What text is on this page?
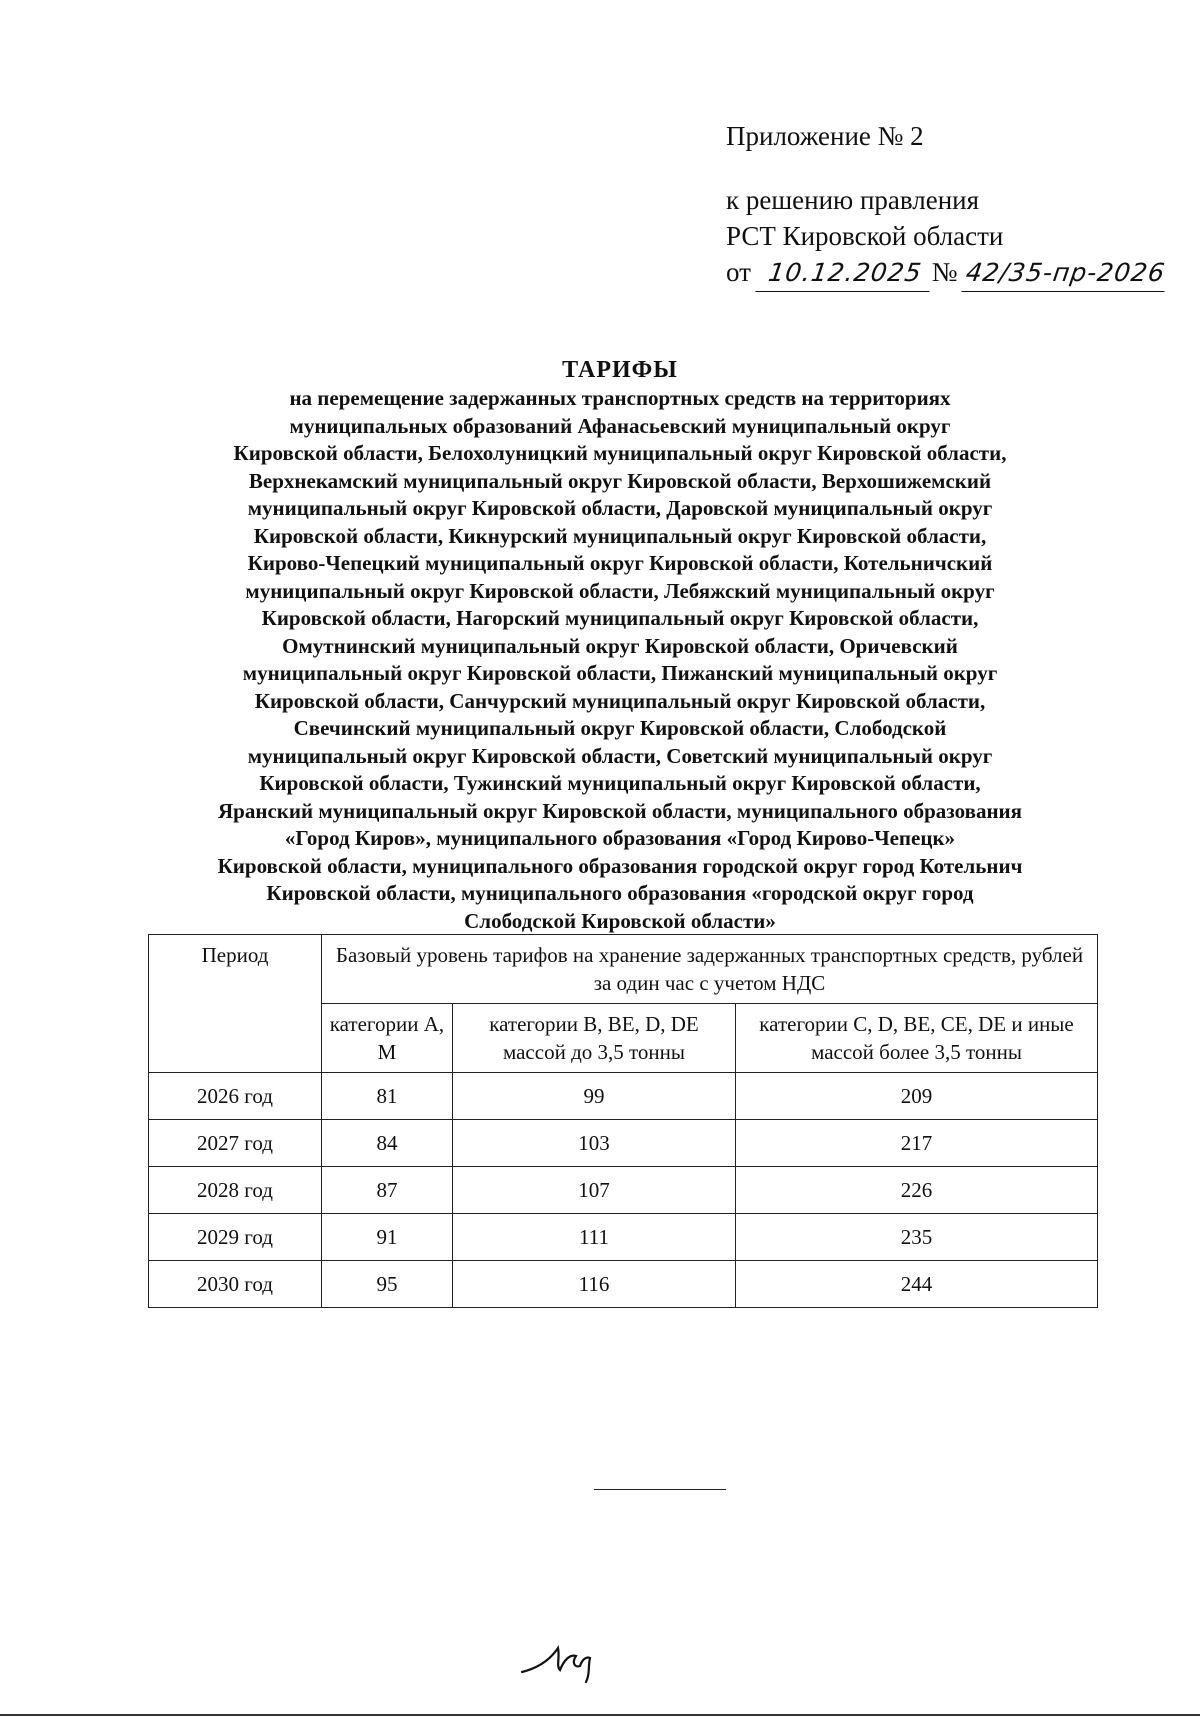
Приложение № 2
к решению правления
РСТ Кировской области
от 10.12.2025 № 42/35-пр-2026
ТАРИФЫ
на перемещение задержанных транспортных средств на территориях
муниципальных образований Афанасьевский муниципальный округ
Кировской области, Белохолуницкий муниципальный округ Кировской области,
Верхнекамский муниципальный округ Кировской области, Верхошижемский
муниципальный округ Кировской области, Даровской муниципальный округ
Кировской области, Кикнурский муниципальный округ Кировской области,
Кирово-Чепецкий муниципальный округ Кировской области, Котельничский
муниципальный округ Кировской области, Лебяжский муниципальный округ
Кировской области, Нагорский муниципальный округ Кировской области,
Омутнинский муниципальный округ Кировской области, Оричевский
муниципальный округ Кировской области, Пижанский муниципальный округ
Кировской области, Санчурский муниципальный округ Кировской области,
Свечинский муниципальный округ Кировской области, Слободской
муниципальный округ Кировской области, Советский муниципальный округ
Кировской области, Тужинский муниципальный округ Кировской области,
Яранский муниципальный округ Кировской области, муниципального образования
«Город Киров», муниципального образования «Город Кирово-Чепецк»
Кировской области, муниципального образования городской округ город Котельнич
Кировской области, муниципального образования «городской округ город
Слободской Кировской области»
Период	Базовый уровень тарифов на хранение задержанных транспортных средств, рублей за один час с учетом НДС		
	категории А, М	категории B, BE, D, DE массой до 3,5 тонны	категории C, D, BE, CE, DE и иные массой более 3,5 тонны
2026 год	81	99	209
2027 год	84	103	217
2028 год	87	107	226
2029 год	91	111	235
2030 год	95	116	244
